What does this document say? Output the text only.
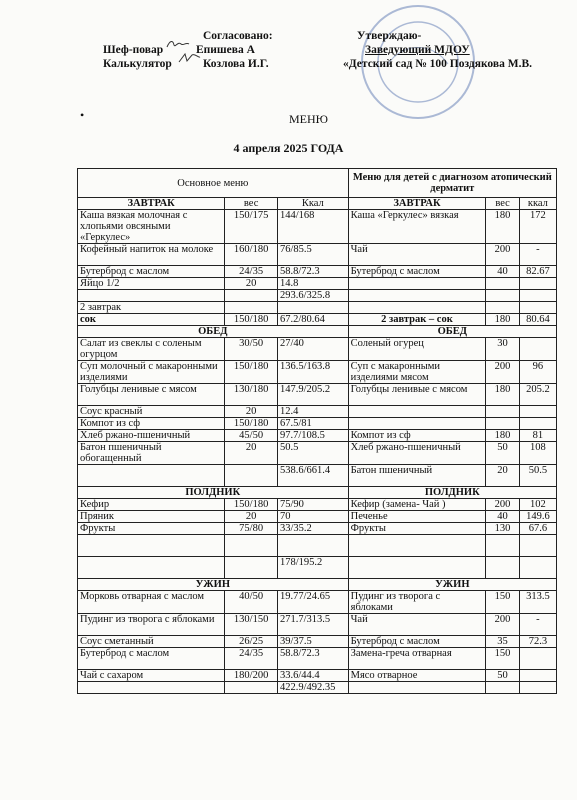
Согласовано:
Шеф-повар	Епишева А
Калькулятор	Козлова И.Г.
Утверждаю-
Заведующий МДОУ
«Детский сад № 100 Поздякова М.В.
•	МЕНЮ
4 апреля 2025 ГОДА
Основное меню			Меню для детей с диагнозом атопический дерматит		
ЗАВТРАК	вес	Ккал	ЗАВТРАК	вес	ккал
Каша вязкая молочная с хлопьями овсяными «Геркулес»	150/175	144/168	Каша «Геркулес» вязкая	180	172
Кофейный напиток на молоке	160/180	76/85.5	Чай	200	-
Бутерброд с маслом	24/35	58.8/72.3	Бутерброд с маслом	40	82.67
Яйцо 1/2	20	14.8			
		293.6/325.8			
2 завтрак					
сок	150/180	67.2/80.64	2 завтрак – сок	180	80.64
ОБЕД			ОБЕД		
Салат из свеклы с соленым огурцом	30/50	27/40	Соленый огурец	30	
Суп молочный с макаронными изделиями	150/180	136.5/163.8	Суп с макаронными изделиями мясом	200	96
Голубцы ленивые с мясом	130/180	147.9/205.2	Голубцы ленивые с мясом	180	205.2
Соус красный	20	12.4			
Компот из сф	150/180	67.5/81			
Хлеб ржано-пшеничный	45/50	97.7/108.5	Компот из сф	180	81
Батон пшеничный обогащенный	20	50.5	Хлеб ржано-пшеничный	50	108
		538.6/661.4	Батон пшеничный	20	50.5
ПОЛДНИК			ПОЛДНИК		
Кефир	150/180	75/90	Кефир (замена- Чай )	200	102
Пряник	20	70	Печенье	40	149.6
Фрукты	75/80	33/35.2	Фрукты	130	67.6

		178/195.2			
УЖИН			УЖИН		
Морковь отварная с маслом	40/50	19.77/24.65	Пудинг из творога с яблоками	150	313.5
Пудинг из творога с яблоками	130/150	271.7/313.5	Чай	200	-
Соус сметанный	26/25	39/37.5	Бутерброд с маслом	35	72.3
Бутерброд с маслом	24/35	58.8/72.3	Замена-греча отварная	150	
Чай с сахаром	180/200	33.6/44.4	Мясо отварное	50	
		422.9/492.35			
